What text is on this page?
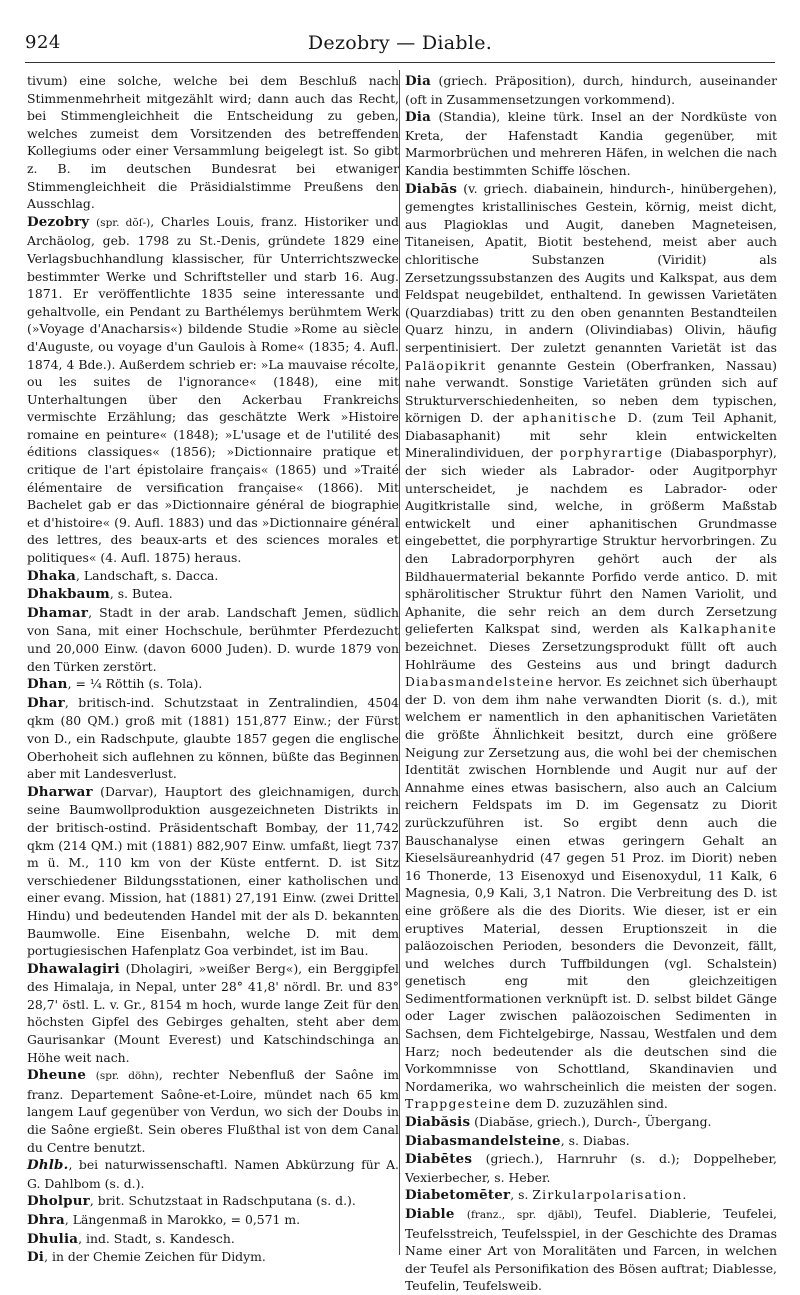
924	Dezobry — Diable.

tivum) eine solche, welche bei dem Beschluß nach Stimmenmehrheit mitgezählt wird; dann auch das Recht, bei Stimmengleichheit die Entscheidung zu geben, welches zumeist dem Vorsitzenden des betreffenden Kollegiums oder einer Versammlung beigelegt ist. So gibt z. B. im deutschen Bundesrat bei etwaniger Stimmengleichheit die Präsidialstimme Preußens den Ausschlag.

Dezobry (spr. dŏſ-), Charles Louis, franz. Historiker und Archäolog, geb. 1798 zu St.-Denis, gründete 1829 eine Verlagsbuchhandlung klassischer, für Unterrichtszwecke bestimmter Werke und Schriftsteller und starb 16. Aug. 1871. Er veröffentlichte 1835 seine interessante und gehaltvolle, ein Pendant zu Barthélemys berühmtem Werk (»Voyage d'Anacharsis«) bildende Studie »Rome au siècle d'Auguste, ou voyage d'un Gaulois à Rome« (1835; 4. Aufl. 1874, 4 Bde.). Außerdem schrieb er: »La mauvaise récolte, ou les suites de l'ignorance« (1848), eine mit Unterhaltungen über den Ackerbau Frankreichs vermischte Erzählung; das geschätzte Werk »Histoire romaine en peinture« (1848); »L'usage et de l'utilité des éditions classiques« (1856); »Dictionnaire pratique et critique de l'art épistolaire français« (1865) und »Traité élémentaire de versification française« (1866). Mit Bachelet gab er das »Dictionnaire général de biographie et d'histoire« (9. Aufl. 1883) und das »Dictionnaire général des lettres, des beaux-arts et des sciences morales et politiques« (4. Aufl. 1875) heraus.

Dhaka, Landschaft, s. Dacca.

Dhakbaum, s. Butea.

Dhamar, Stadt in der arab. Landschaft Jemen, südlich von Sana, mit einer Hochschule, berühmter Pferdezucht und 20,000 Einw. (davon 6000 Juden). D. wurde 1879 von den Türken zerstört.

Dhan, = ¼ Röttih (s. Tola).

Dhar, britisch-ind. Schutzstaat in Zentralindien, 4504 qkm (80 QM.) groß mit (1881) 151,877 Einw.; der Fürst von D., ein Radschpute, glaubte 1857 gegen die englische Oberhoheit sich auflehnen zu können, büßte das Beginnen aber mit Landesverlust.

Dharwar (Darvar), Hauptort des gleichnamigen, durch seine Baumwollproduktion ausgezeichneten Distrikts in der britisch-ostind. Präsidentschaft Bombay, der 11,742 qkm (214 QM.) mit (1881) 882,907 Einw. umfaßt, liegt 737 m ü. M., 110 km von der Küste entfernt. D. ist Sitz verschiedener Bildungsstationen, einer katholischen und einer evang. Mission, hat (1881) 27,191 Einw. (zwei Drittel Hindu) und bedeutenden Handel mit der als D. bekannten Baumwolle. Eine Eisenbahn, welche D. mit dem portugiesischen Hafenplatz Goa verbindet, ist im Bau.

Dhawalagiri (Dholagiri, »weißer Berg«), ein Berggipfel des Himalaja, in Nepal, unter 28° 41,8' nördl. Br. und 83° 28,7' östl. L. v. Gr., 8154 m hoch, wurde lange Zeit für den höchsten Gipfel des Gebirges gehalten, steht aber dem Gaurisankar (Mount Everest) und Katschindschinga an Höhe weit nach.

Dheune (spr. döhn), rechter Nebenfluß der Saône im franz. Departement Saône-et-Loire, mündet nach 65 km langem Lauf gegenüber von Verdun, wo sich der Doubs in die Saône ergießt. Sein oberes Flußthal ist von dem Canal du Centre benutzt.

Dhlb., bei naturwissenschaftl. Namen Abkürzung für A. G. Dahlbom (s. d.).

Dholpur, brit. Schutzstaat in Radschputana (s. d.).

Dhra, Längenmaß in Marokko, = 0,571 m.

Dhulia, ind. Stadt, s. Kandesch.

Di, in der Chemie Zeichen für Didym.

Dia (griech. Präposition), durch, hindurch, auseinander (oft in Zusammensetzungen vorkommend).

Dia (Standia), kleine türk. Insel an der Nordküste von Kreta, der Hafenstadt Kandia gegenüber, mit Marmorbrüchen und mehreren Häfen, in welchen die nach Kandia bestimmten Schiffe löschen.

Diabās (v. griech. diabainein, hindurch-, hinübergehen), gemengtes kristallinisches Gestein, körnig, meist dicht, aus Plagioklas und Augit, daneben Magneteisen, Titaneisen, Apatit, Biotit bestehend, meist aber auch chloritische Substanzen (Viridit) als Zersetzungssubstanzen des Augits und Kalkspat, aus dem Feldspat neugebildet, enthaltend. In gewissen Varietäten (Quarzdiabas) tritt zu den oben genannten Bestandteilen Quarz hinzu, in andern (Olivindiabas) Olivin, häufig serpentinisiert. Der zuletzt genannten Varietät ist das Paläopikrit genannte Gestein (Oberfranken, Nassau) nahe verwandt. Sonstige Varietäten gründen sich auf Strukturverschiedenheiten, so neben dem typischen, körnigen D. der aphanitische D. (zum Teil Aphanit, Diabasaphanit) mit sehr klein entwickelten Mineralindividuen, der porphyrartige (Diabasporphyr), der sich wieder als Labrador- oder Augitporphyr unterscheidet, je nachdem es Labrador- oder Augitkristalle sind, welche, in größerm Maßstab entwickelt und einer aphanitischen Grundmasse eingebettet, die porphyrartige Struktur hervorbringen. Zu den Labradorporphyren gehört auch der als Bildhauermaterial bekannte Porfido verde antico. D. mit sphärolitischer Struktur führt den Namen Variolit, und Aphanite, die sehr reich an dem durch Zersetzung gelieferten Kalkspat sind, werden als Kalkaphanite bezeichnet. Dieses Zersetzungsprodukt füllt oft auch Hohlräume des Gesteins aus und bringt dadurch Diabasmandelsteine hervor. Es zeichnet sich überhaupt der D. von dem ihm nahe verwandten Diorit (s. d.), mit welchem er namentlich in den aphanitischen Varietäten die größte Ähnlichkeit besitzt, durch eine größere Neigung zur Zersetzung aus, die wohl bei der chemischen Identität zwischen Hornblende und Augit nur auf der Annahme eines etwas basischern, also auch an Calcium reichern Feldspats im D. im Gegensatz zu Diorit zurückzuführen ist. So ergibt denn auch die Bauschanalyse einen etwas geringern Gehalt an Kieselsäureanhydrid (47 gegen 51 Proz. im Diorit) neben 16 Thonerde, 13 Eisenoxyd und Eisenoxydul, 11 Kalk, 6 Magnesia, 0,9 Kali, 3,1 Natron. Die Verbreitung des D. ist eine größere als die des Diorits. Wie dieser, ist er ein eruptives Material, dessen Eruptionszeit in die paläozoischen Perioden, besonders die Devonzeit, fällt, und welches durch Tuffbildungen (vgl. Schalstein) genetisch eng mit den gleichzeitigen Sedimentformationen verknüpft ist. D. selbst bildet Gänge oder Lager zwischen paläozoischen Sedimenten in Sachsen, dem Fichtelgebirge, Nassau, Westfalen und dem Harz; noch bedeutender als die deutschen sind die Vorkommnisse von Schottland, Skandinavien und Nordamerika, wo wahrscheinlich die meisten der sogen. Trappgesteine dem D. zuzuzählen sind.

Diabăsis (Diabăse, griech.), Durch-, Übergang.

Diabasmandelsteine, s. Diabas.

Diabētes (griech.), Harnruhr (s. d.); Doppelheber, Vexierbecher, s. Heber.

Diabetomēter, s. Zirkularpolarisation.

Diable (franz., spr. djābl), Teufel. Diablerie, Teufelei, Teufelsstreich, Teufelsspiel, in der Geschichte des Dramas Name einer Art von Moralitäten und Farcen, in welchen der Teufel als Personifikation des Bösen auftrat; Diablesse, Teufelin, Teufelsweib.
